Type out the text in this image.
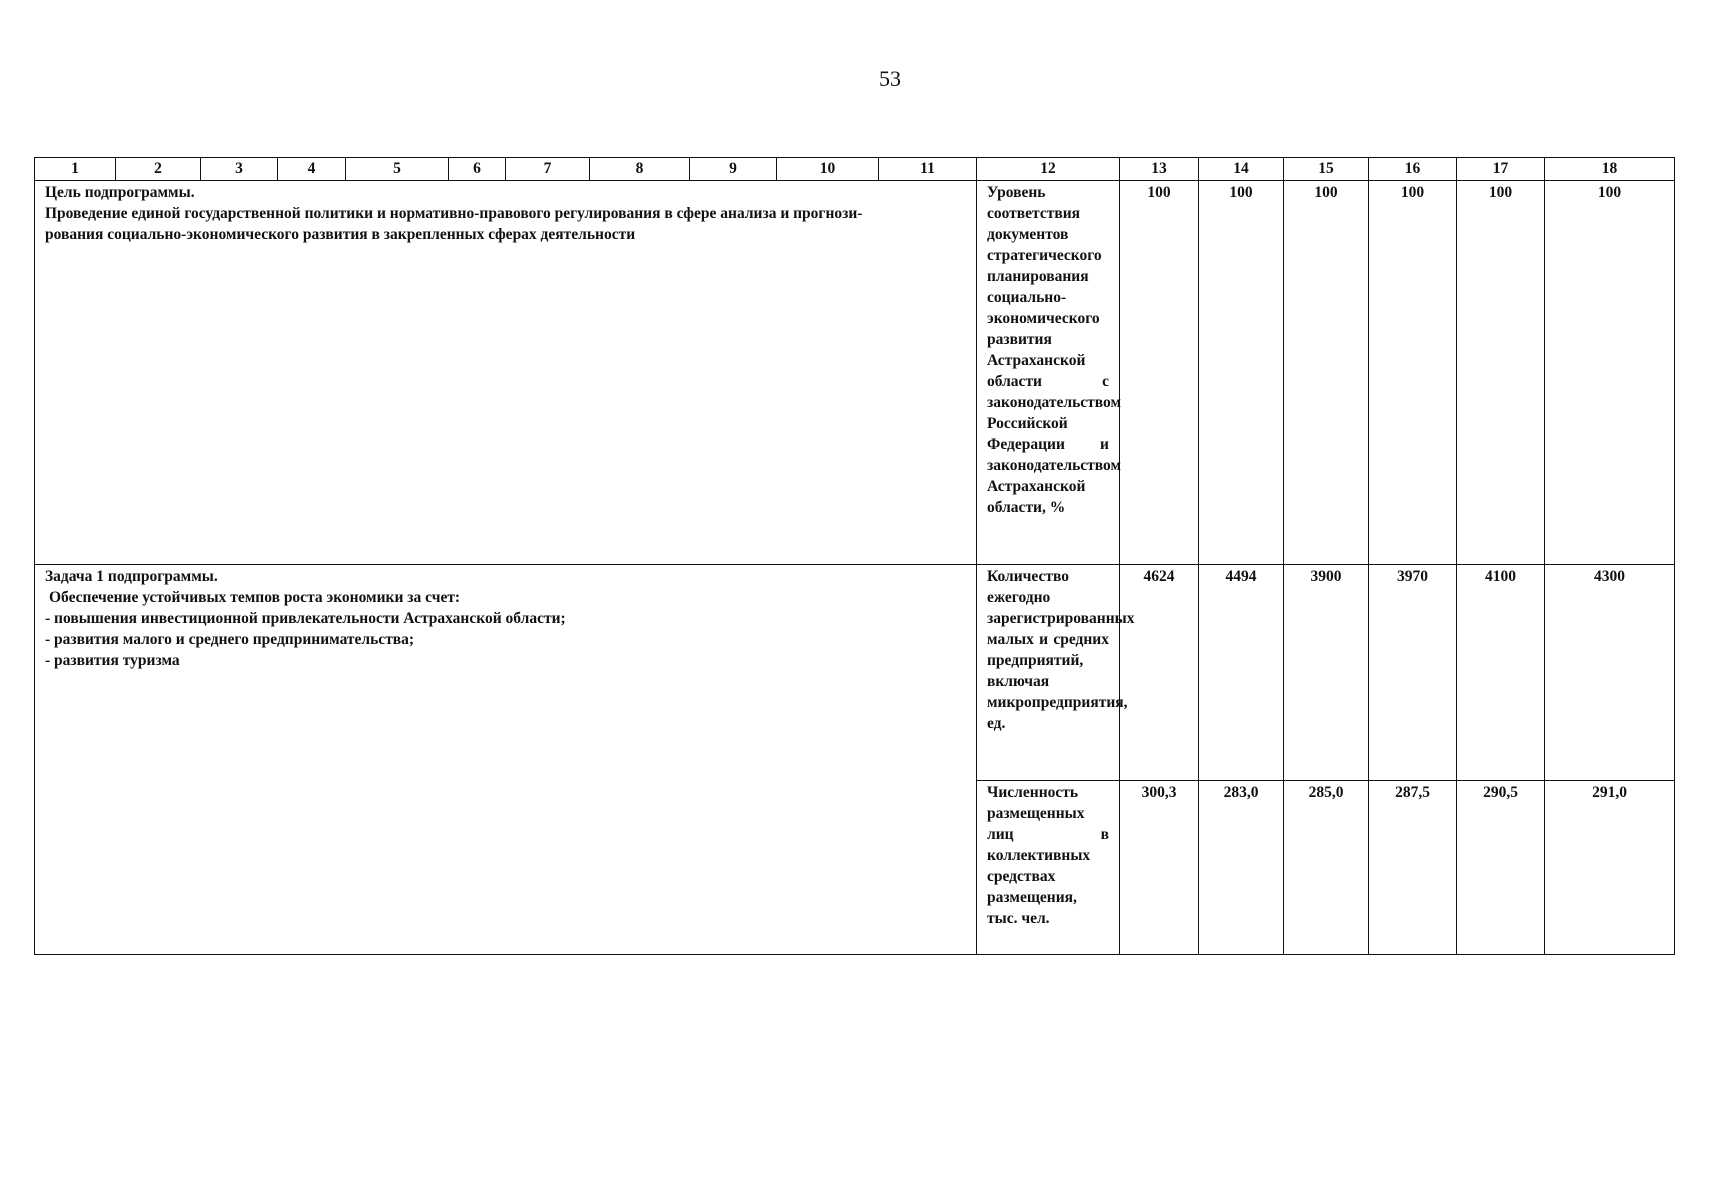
53
1	2	3	4	5	6	7	8	9	10	11	12	13	14	15	16	17	18

Цель подпрограммы.
Проведение единой государственной политики и нормативно-правового регулирования в сфере анализа и прогнози-
рования социально-экономического развития в закрепленных сферах деятельности											Уровень соответствия документов стратегического планирования социально-экономического развития Астраханской области с законодательством Российской Федерации и законодательством Астраханской области, %	100	100	100	100	100	100

Задача 1 подпрограммы.
Обеспечение устойчивых темпов роста экономики за счет:
- повышения инвестиционной привлекательности Астраханской области;
- развития малого и среднего предпринимательства;
- развития туризма											Количество ежегодно зарегистрированных малых и средних предприятий, включая микропредприятия, ед.	4624	4494	3900	3970	4100	4300
											Численность размещенных лиц в коллективных средствах размещения, тыс. чел.	300,3	283,0	285,0	287,5	290,5	291,0
